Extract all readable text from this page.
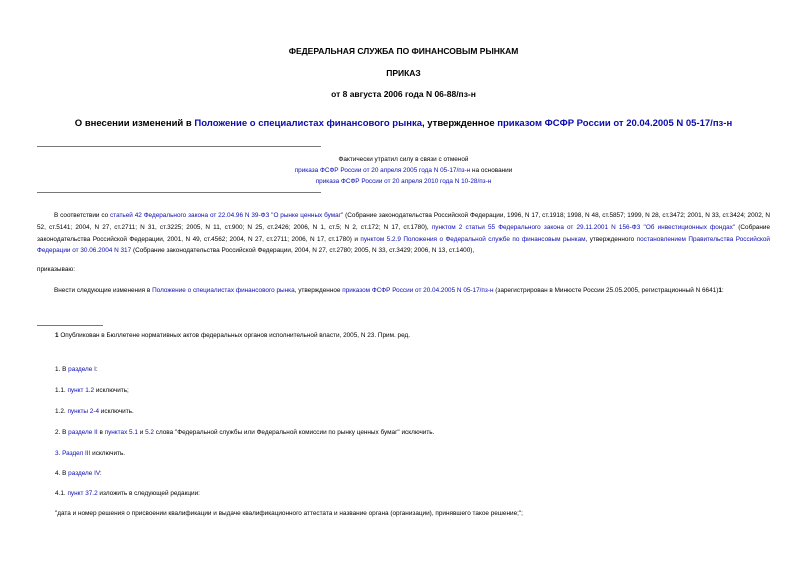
ФЕДЕРАЛЬНАЯ СЛУЖБА ПО ФИНАНСОВЫМ РЫНКАМ
ПРИКАЗ
от 8 августа 2006 года N 06-88/пз-н
О внесении изменений в Положение о специалистах финансового рынка, утвержденное приказом ФСФР России от 20.04.2005 N 05-17/пз-н
Фактически утратил силу в связи с отменой
приказа ФСФР России от 20 апреля 2005 года N 05-17/пз-н на основании
приказа ФСФР России от 20 апреля 2010 года N 10-28/пз-н
В соответствии со статьей 42 Федерального закона от 22.04.96 N 39-ФЗ "О рынке ценных бумаг" (Собрание законодательства Российской Федерации, 1996, N 17, ст.1918; 1998, N 48, ст.5857; 1999, N 28, ст.3472; 2001, N 33, ст.3424; 2002, N 52, ст.5141; 2004, N 27, ст.2711; N 31, ст.3225; 2005, N 11, ст.900; N 25, ст.2426; 2006, N 1, ст.5; N 2, ст.172; N 17, ст.1780), пунктом 2 статьи 55 Федерального закона от 29.11.2001 N 156-ФЗ "Об инвестиционных фондах" (Собрание законодательства Российской Федерации, 2001, N 49, ст.4562; 2004, N 27, ст.2711; 2006, N 17, ст.1780) и пунктом 5.2.9 Положения о Федеральной службе по финансовым рынкам, утвержденного постановлением Правительства Российской Федерации от 30.06.2004 N 317 (Собрание законодательства Российской Федерации, 2004, N 27, ст.2780; 2005, N 33, ст.3429; 2006, N 13, ст.1400),
приказываю:
Внести следующие изменения в Положение о специалистах финансового рынка, утвержденное приказом ФСФР России от 20.04.2005 N 05-17/пз-н (зарегистрирован в Минюсте России 25.05.2005, регистрационный N 6641)1:
1 Опубликован в Бюллетене нормативных актов федеральных органов исполнительной власти, 2005, N 23. Прим. ред.
1. В разделе I:
1.1. пункт 1.2 исключить;
1.2. пункты 2-4 исключить.
2. В разделе II в пунктах 5.1 и 5.2 слова "Федеральной службы или Федеральной комиссии по рынку ценных бумаг" исключить.
3. Раздел III исключить.
4. В разделе IV:
4.1. пункт 37.2 изложить в следующей редакции:
"дата и номер решения о присвоении квалификации и выдаче квалификационного аттестата и название органа (организации), принявшего такое решение;";
